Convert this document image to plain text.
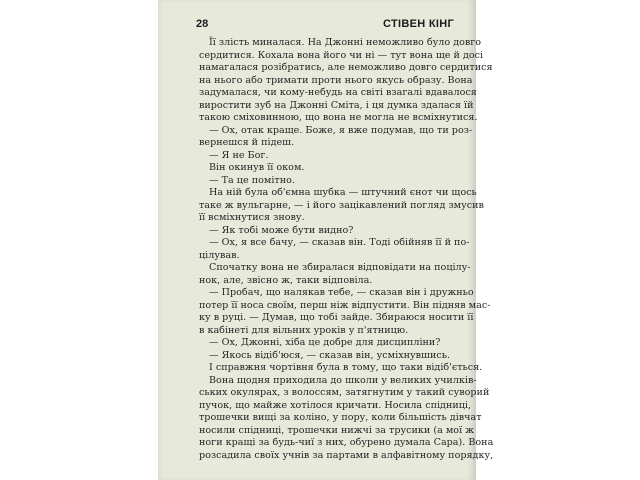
28	СТІВЕН КІНГ
Її злість миналася. На Джонні неможливо було довго
сердитися. Кохала вона його чи ні — тут вона ще й досі
намагалася розібратись, але неможливо довго сердитися
на нього або тримати проти нього якусь образу. Вона
задумалася, чи кому-небудь на світі взагалі вдавалося
виростити зуб на Джонні Сміта, і ця думка здалася їй
такою сміховинною, що вона не могла не всміхнутися.
— Ох, отак краще. Боже, я вже подумав, що ти роз-
вернешся й підеш.
— Я не Бог.
Він окинув її оком.
— Та це помітно.
На ній була об'ємна шубка — штучний єнот чи щось
таке ж вульгарне, — і його зацікавлений погляд змусив
її всміхнутися знову.
— Як тобі може бути видно?
— Ох, я все бачу, — сказав він. Тоді обійняв її й по-
цілував.
Спочатку вона не збиралася відповідати на поцілу-
нок, але, звісно ж, таки відповіла.
— Пробач, що налякав тебе, — сказав він і дружньо
потер її носа своїм, перш ніж відпустити. Він підняв мас-
ку в руці. — Думав, що тобі зайде. Збираюся носити її
в кабінеті для вільних уроків у п'ятницю.
— Ох, Джонні, хіба це добре для дисципліни?
— Якось відіб'юся, — сказав він, усміхнувшись.
І справжня чортівня була в тому, що таки відіб'ється.
Вона щодня приходила до школи у великих училків-
ських окулярах, з волоссям, затягнутим у такий суворий
пучок, що майже хотілося кричати. Носила спідниці,
трошечки вищі за коліно, у пору, коли більшість дівчат
носили спідниці, трошечки нижчі за трусики (а мої ж
ноги кращі за будь-чиї з них, обурено думала Сара). Вона
розсадила своїх учнів за партами в алфавітному порядку,
